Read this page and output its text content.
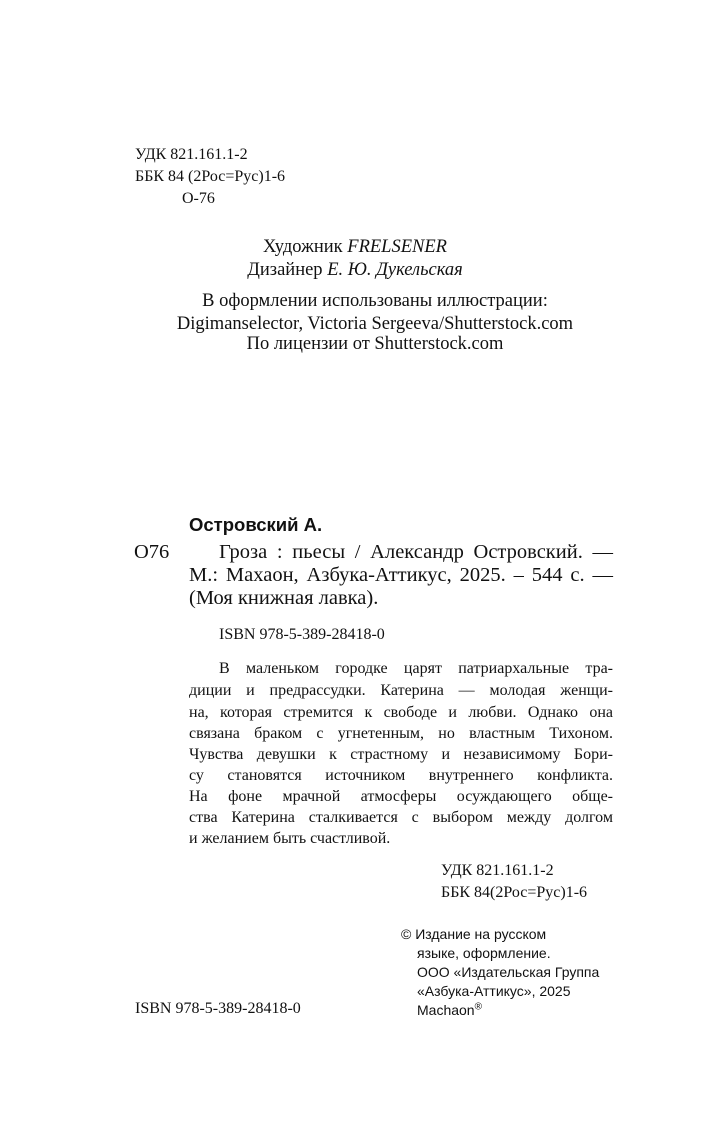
УДК 821.161.1-2
ББК 84 (2Рос=Рус)1-6
О-76
Художник FRELSENER
Дизайнер Е. Ю. Дукельская
В оформлении использованы иллюстрации:
Digimanselector, Victoria Sergeeva/Shutterstock.com
По лицензии от Shutterstock.com
Островский А.
О76 Гроза : пьесы / Александр Островский. —
М.: Махаон, Азбука-Аттикус, 2025. – 544 с. —
(Моя книжная лавка).
ISBN 978-5-389-28418-0
В маленьком городке царят патриархальные тра-
диции и предрассудки. Катерина — молодая женщи-
на, которая стремится к свободе и любви. Однако она
связана браком с угнетенным, но властным Тихоном.
Чувства девушки к страстному и независимому Бори-
су становятся источником внутреннего конфликта.
На фоне мрачной атмосферы осуждающего обще-
ства Катерина сталкивается с выбором между долгом
и желанием быть счастливой.
УДК 821.161.1-2
ББК 84(2Рос=Рус)1-6
© Издание на русском
языке, оформление.
ООО «Издательская Группа
«Азбука-Аттикус», 2025
Machaon®
ISBN 978-5-389-28418-0
